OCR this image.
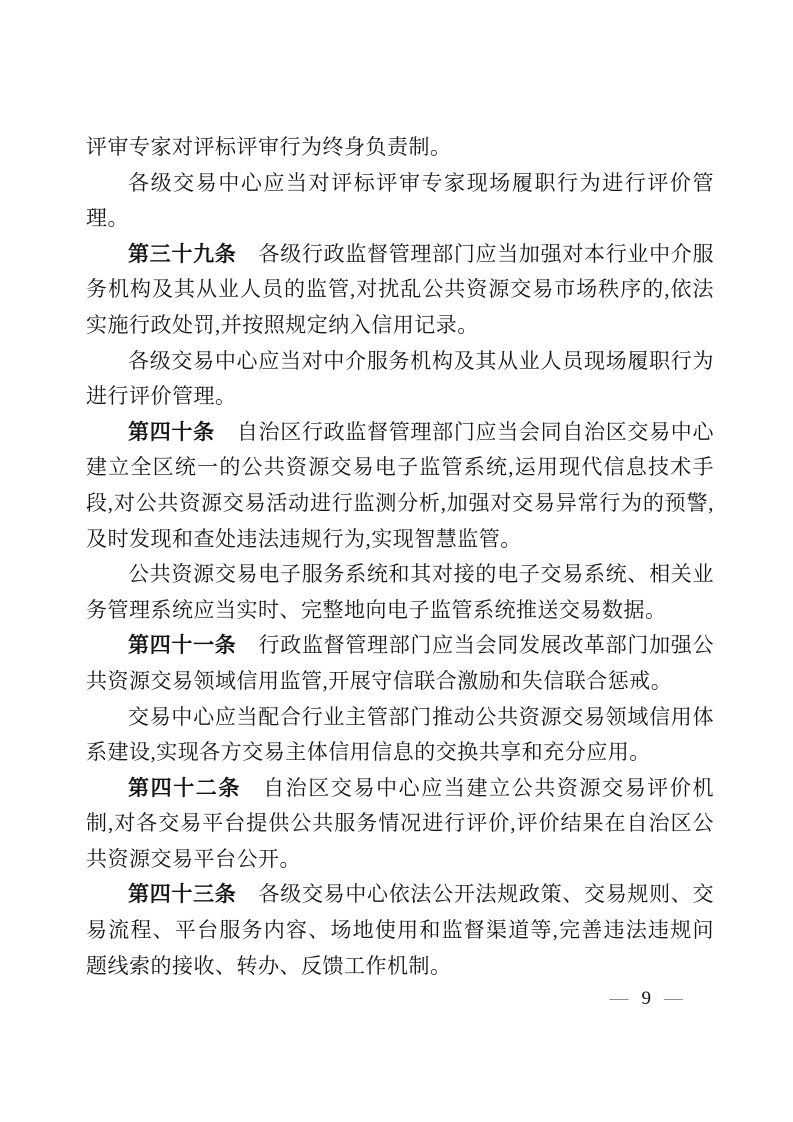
评审专家对评标评审行为终身负责制。

各级交易中心应当对评标评审专家现场履职行为进行评价管理。

第三十九条 各级行政监督管理部门应当加强对本行业中介服务机构及其从业人员的监管,对扰乱公共资源交易市场秩序的,依法实施行政处罚,并按照规定纳入信用记录。

各级交易中心应当对中介服务机构及其从业人员现场履职行为进行评价管理。

第四十条 自治区行政监督管理部门应当会同自治区交易中心建立全区统一的公共资源交易电子监管系统,运用现代信息技术手段,对公共资源交易活动进行监测分析,加强对交易异常行为的预警,及时发现和查处违法违规行为,实现智慧监管。

公共资源交易电子服务系统和其对接的电子交易系统、相关业务管理系统应当实时、完整地向电子监管系统推送交易数据。

第四十一条 行政监督管理部门应当会同发展改革部门加强公共资源交易领域信用监管,开展守信联合激励和失信联合惩戒。

交易中心应当配合行业主管部门推动公共资源交易领域信用体系建设,实现各方交易主体信用信息的交换共享和充分应用。

第四十二条 自治区交易中心应当建立公共资源交易评价机制,对各交易平台提供公共服务情况进行评价,评价结果在自治区公共资源交易平台公开。

第四十三条 各级交易中心依法公开法规政策、交易规则、交易流程、平台服务内容、场地使用和监督渠道等,完善违法违规问题线索的接收、转办、反馈工作机制。

— 9 —
